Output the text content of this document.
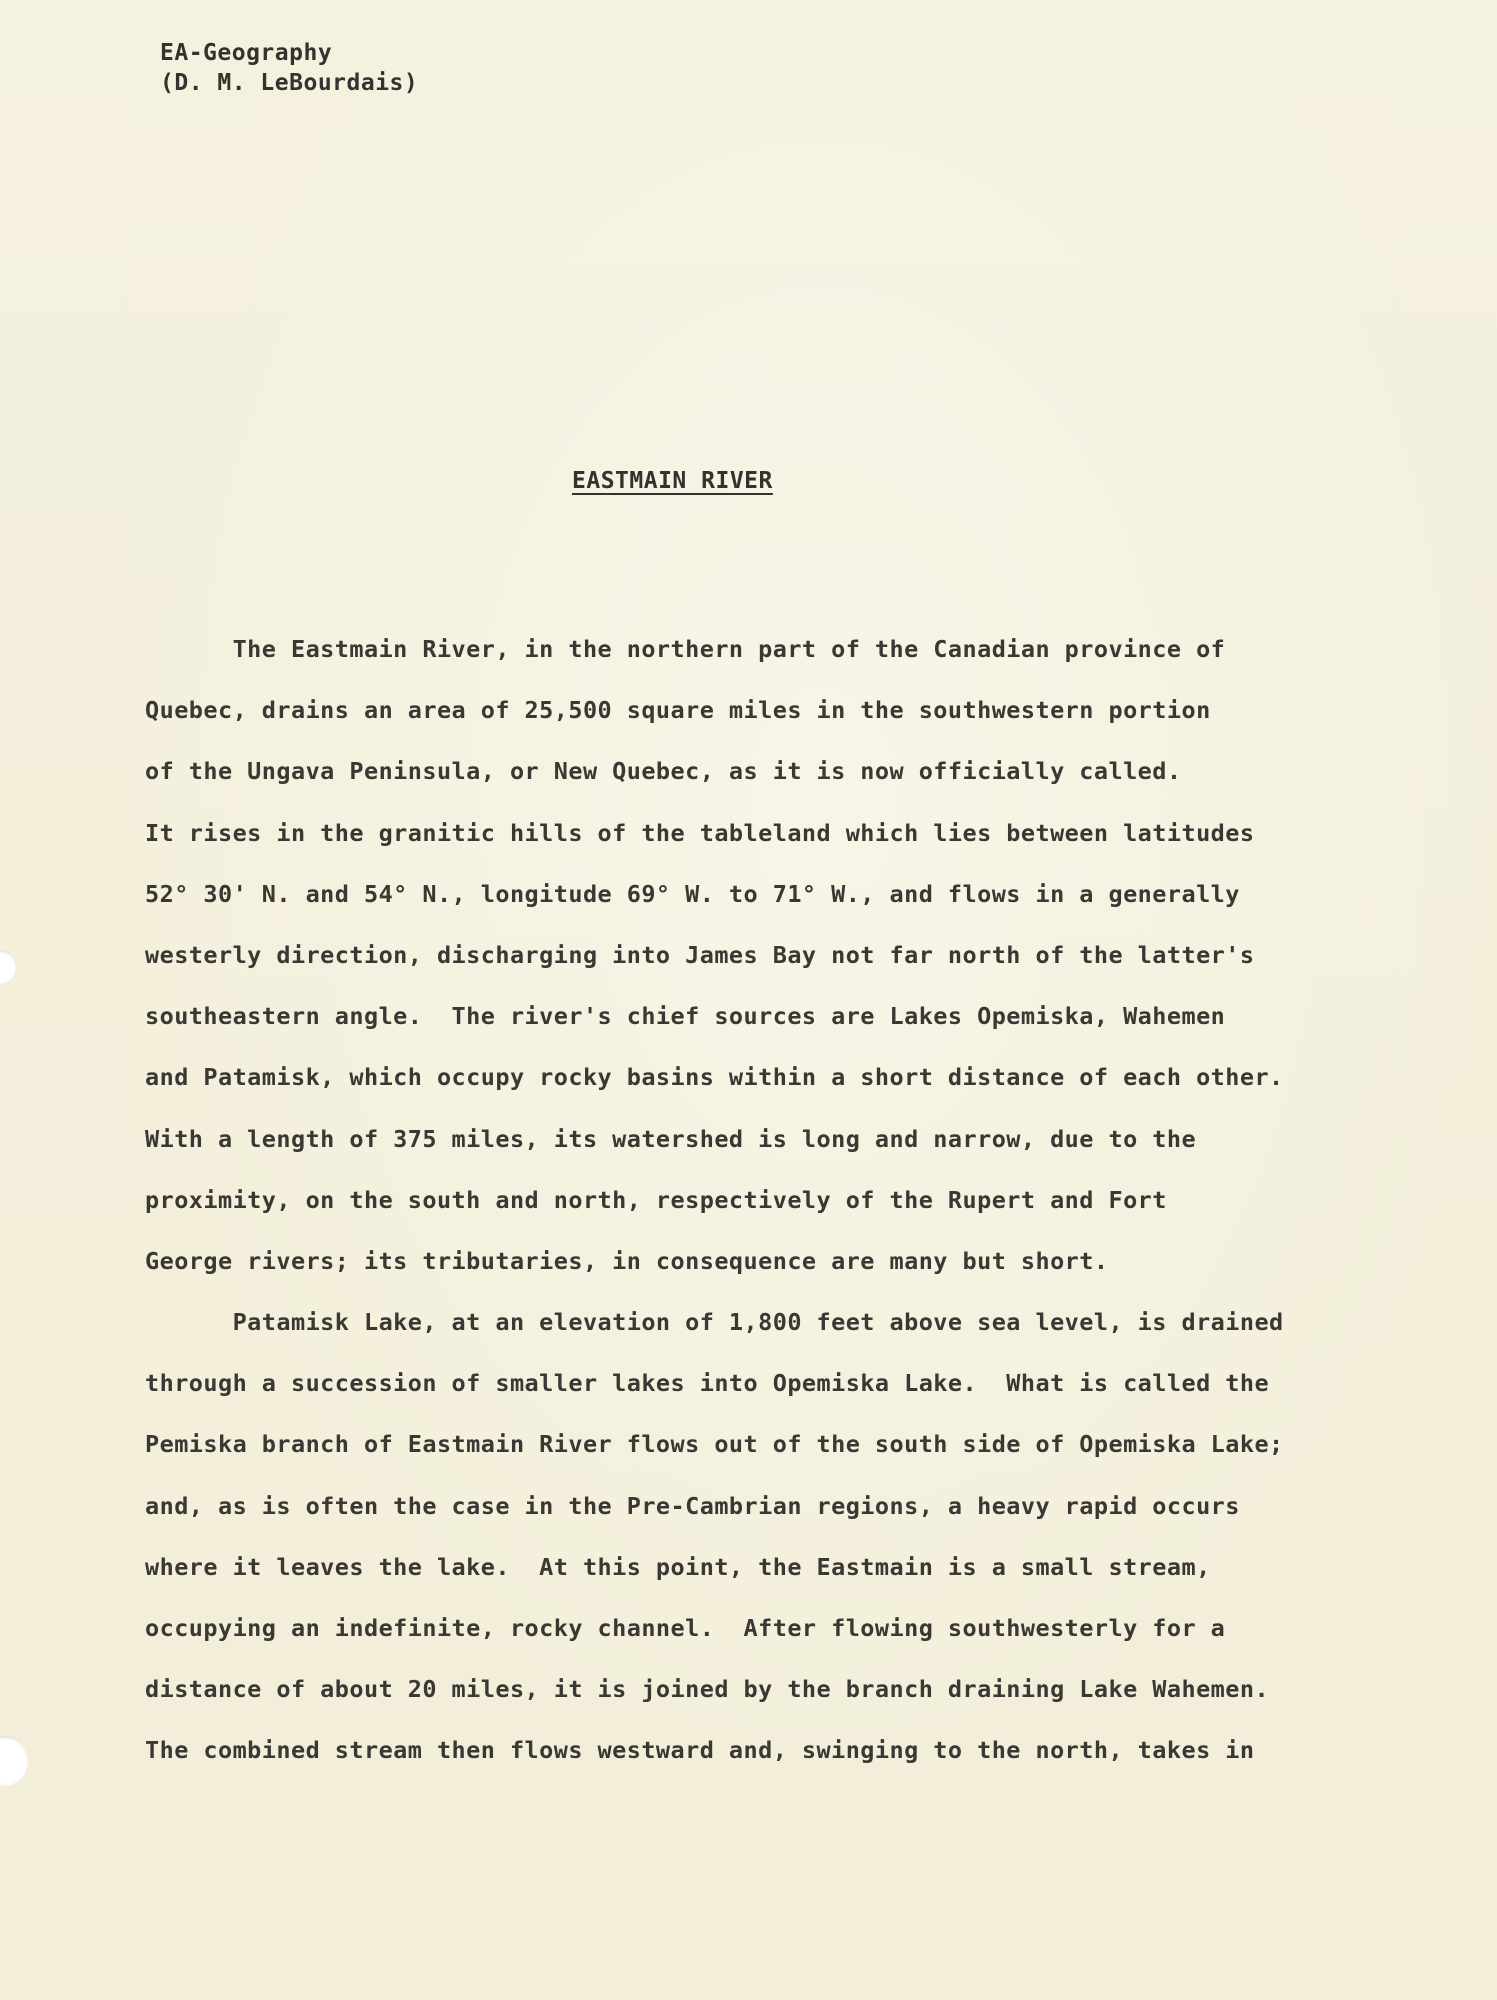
EA-Geography
(D. M. LeBourdais)
EASTMAIN RIVER
The Eastmain River, in the northern part of the Canadian province of
Quebec, drains an area of 25,500 square miles in the southwestern portion
of the Ungava Peninsula, or New Quebec, as it is now officially called.
It rises in the granitic hills of the tableland which lies between latitudes
52° 30' N. and 54° N., longitude 69° W. to 71° W., and flows in a generally
westerly direction, discharging into James Bay not far north of the latter's
southeastern angle.  The river's chief sources are Lakes Opemiska, Wahemen
and Patamisk, which occupy rocky basins within a short distance of each other.
With a length of 375 miles, its watershed is long and narrow, due to the
proximity, on the south and north, respectively of the Rupert and Fort
George rivers; its tributaries, in consequence are many but short.
Patamisk Lake, at an elevation of 1,800 feet above sea level, is drained
through a succession of smaller lakes into Opemiska Lake.  What is called the
Pemiska branch of Eastmain River flows out of the south side of Opemiska Lake;
and, as is often the case in the Pre-Cambrian regions, a heavy rapid occurs
where it leaves the lake.  At this point, the Eastmain is a small stream,
occupying an indefinite, rocky channel.  After flowing southwesterly for a
distance of about 20 miles, it is joined by the branch draining Lake Wahemen.
The combined stream then flows westward and, swinging to the north, takes in
